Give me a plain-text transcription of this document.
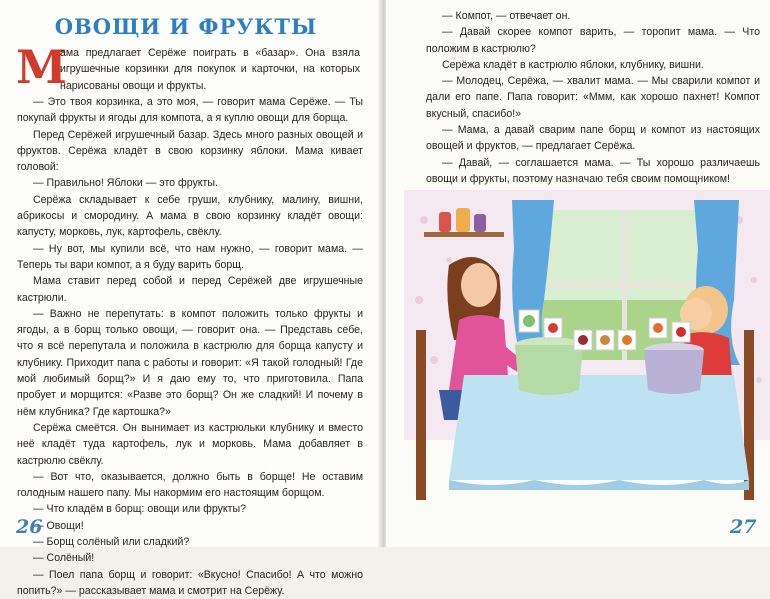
ОВОЩИ И ФРУКТЫ
М

ама предлагает Серёже поиграть в «базар». Она взяла игрушечные корзинки для покупок и карточки, на которых нарисованы овощи и фрукты.

— Это твоя корзинка, а это моя, — говорит мама Серёже. — Ты покупай фрукты и ягоды для компота, а я куплю овощи для борща.

Перед Серёжей игрушечный базар. Здесь много разных овощей и фруктов. Серёжа кладёт в свою корзинку яблоки. Мама кивает головой:

— Правильно! Яблоки — это фрукты.

Серёжа складывает к себе груши, клубнику, малину, вишни, абрикосы и смородину. А мама в свою корзинку кладёт овощи: капусту, морковь, лук, картофель, свёклу.

— Ну вот, мы купили всё, что нам нужно, — говорит мама. — Теперь ты вари компот, а я буду варить борщ.

Мама ставит перед собой и перед Серёжей две игрушечные кастрюли.

— Важно не перепутать: в компот положить только фрукты и ягоды, а в борщ только овощи, — говорит она. — Представь себе, что я всё перепутала и положила в кастрюлю для борща капусту и клубнику. Приходит папа с работы и говорит: «Я такой голодный! Где мой любимый борщ?» И я даю ему то, что приготовила. Папа пробует и морщится: «Разве это борщ? Он же сладкий! И почему в нём клубника? Где картошка?»

Серёжа смеётся. Он вынимает из кастрюльки клубнику и вместо неё кладёт туда картофель, лук и морковь. Мама добавляет в кастрюлю свёклу.

— Вот что, оказывается, должно быть в борще! Не оставим голодным нашего папу. Мы накормим его настоящим борщом.

— Что кладём в борщ: овощи или фрукты?

— Овощи!

— Борщ солёный или сладкий?

— Солёный!

— Поел папа борщ и говорит: «Вкусно! Спасибо! А что можно попить?» — рассказывает мама и смотрит на Серёжу.

26

— Компот, — отвечает он.

— Давай скорее компот варить, — торопит мама. — Что положим в кастрюлю?

Серёжа кладёт в кастрюлю яблоки, клубнику, вишни.

— Молодец, Серёжа, — хвалит мама. — Мы сварили компот и дали его папе. Папа говорит: «Ммм, как хорошо пахнет! Компот вкусный, спасибо!»

— Мама, а давай сварим папе борщ и компот из настоящих овощей и фруктов, — предлагает Серёжа.

— Давай, — соглашается мама. — Ты хорошо различаешь овощи и фрукты, поэтому назначаю тебя своим помощником!

27
